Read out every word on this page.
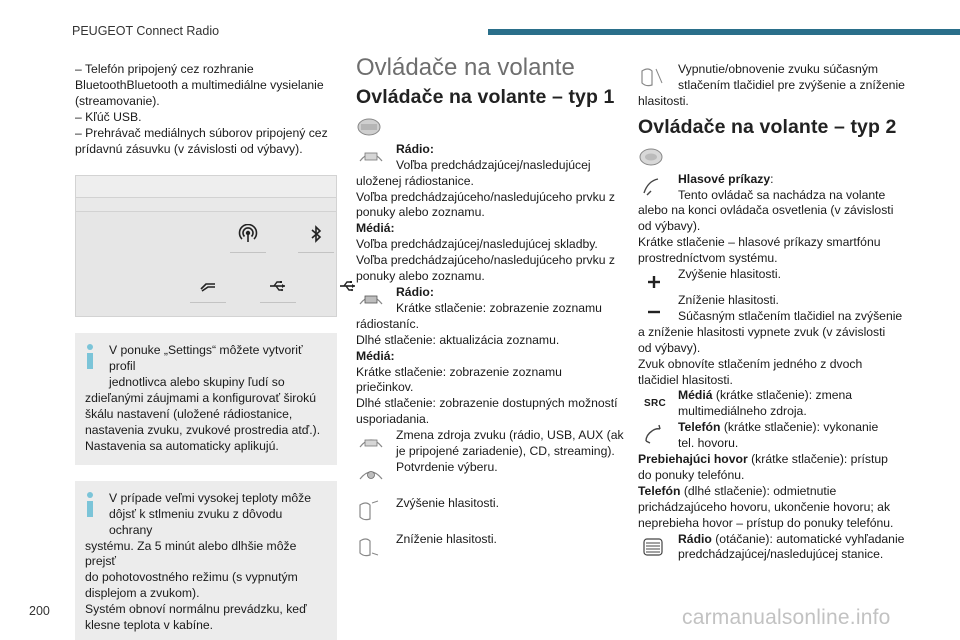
PEUGEOT Connect Radio

– Telefón pripojený cez rozhranie

BluetoothBluetooth a multimediálne vysielanie

(streamovanie).

– Kľúč USB.

– Prehrávač mediálnych súborov pripojený cez

prídavnú zásuvku (v závislosti od výbavy).

V ponuke „Settings“ môžete vytvoriť profil

jednotlivca alebo skupiny ľudí so

zdieľanými záujmami a konfigurovať širokú

škálu nastavení (uložené rádiostanice,

nastavenia zvuku, zvukové prostredia atď.).

Nastavenia sa automaticky aplikujú.

V prípade veľmi vysokej teploty môže

dôjsť k stlmeniu zvuku z dôvodu ochrany

systému. Za 5 minút alebo dlhšie môže prejsť

do pohotovostného režimu (s vypnutým

displejom a zvukom).

Systém obnoví normálnu prevádzku, keď

klesne teplota v kabíne.

Ovládače na volante
Ovládače na volante – typ 1

Rádio:

Voľba predchádzajúcej/nasledujúcej

uloženej rádiostanice.

Voľba predchádzajúceho/nasledujúceho prvku z

ponuky alebo zoznamu.

Médiá:

Voľba predchádzajúcej/nasledujúcej skladby.

Voľba predchádzajúceho/nasledujúceho prvku z

ponuky alebo zoznamu.

Rádio:

Krátke stlačenie: zobrazenie zoznamu

rádiostaníc.

Dlhé stlačenie: aktualizácia zoznamu.

Médiá:

Krátke stlačenie: zobrazenie zoznamu

priečinkov.

Dlhé stlačenie: zobrazenie dostupných možností

usporiadania.

Zmena zdroja zvuku (rádio, USB, AUX (ak

je pripojené zariadenie), CD, streaming).

Potvrdenie výberu.

Zvýšenie hlasitosti.

Zníženie hlasitosti.

Vypnutie/obnovenie zvuku súčasným

stlačením tlačidiel pre zvýšenie a zníženie

hlasitosti.

Ovládače na volante – typ 2

Hlasové príkazy:

Tento ovládač sa nachádza na volante

alebo na konci ovládača osvetlenia (v závislosti

od výbavy).

Krátke stlačenie – hlasové príkazy smartfónu

prostredníctvom systému.

Zvýšenie hlasitosti.

Zníženie hlasitosti.

Súčasným stlačením tlačidiel na zvýšenie

a zníženie hlasitosti vypnete zvuk (v závislosti

od výbavy).

Zvuk obnovíte stlačením jedného z dvoch

tlačidiel hlasitosti.

SRC

Médiá (krátke stlačenie): zmena

multimediálneho zdroja.

Telefón (krátke stlačenie): vykonanie

tel. hovoru.

Prebiehajúci hovor (krátke stlačenie): prístup

do ponuky telefónu.

Telefón (dlhé stlačenie): odmietnutie

prichádzajúceho hovoru, ukončenie hovoru; ak

neprebieha hovor – prístup do ponuky telefónu.

Rádio (otáčanie): automatické vyhľadanie

predchádzajúcej/nasledujúcej stanice.

200	carmanualsonline.info
